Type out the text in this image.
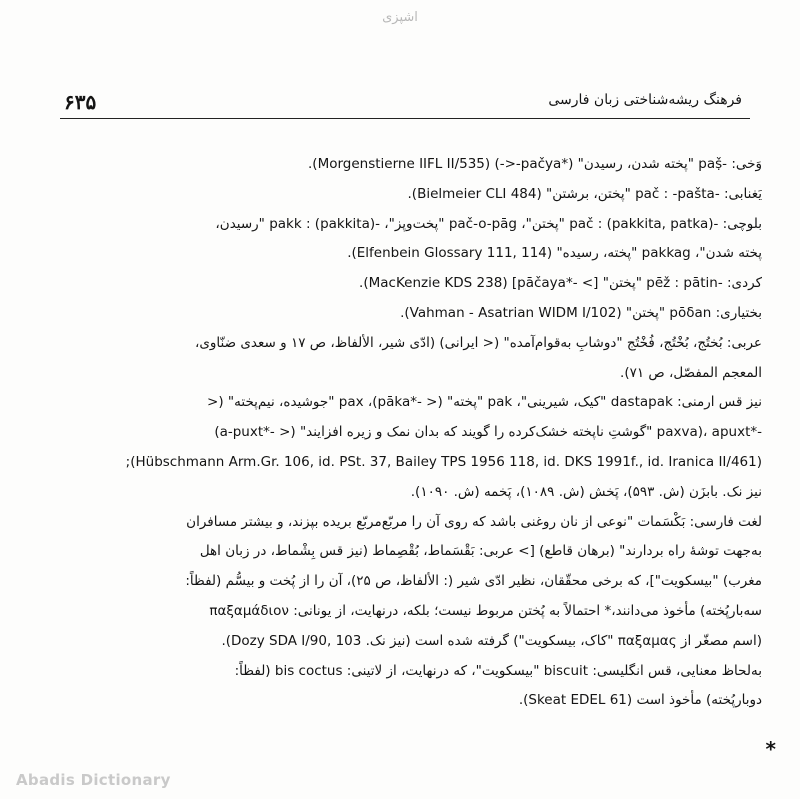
اشپزی
۶۳۵	فرهنگ ریشه‌شناختی زبان فارسی
وَخی: -paṣ̌ "پخته شدن، رسیدن" (*pačya-<-) (Morgenstierne IIFL II/535).
یَغنابی: -pač : -pašta "پختن، برشتن" (Bielmeier CLI 484).
بلوچی: -pač : (pakkita, patka) "پختن"، pač-o-pāg "پخت‌وپز"، -pakk : (pakkita) "رسیدن،
پخته شدن"، pakkag "پخته، رسیده" (Elfenbein Glossary 111, 114).
کردی: -pēž : pātin "پختن" [> -*pāčaya] (MacKenzie KDS 238).
بختیاری: pōδan "پختن" (Vahman - Asatrian WIDM I/102).
عربی: بُختُج، بُخْتُج، فُخْتُج "دوشابِ به‌قوام‌آمده" (< ایرانی) (ادّی شیر، الألفاظ، ص ۱۷ و سعدی ضنّاوی،
المعجم المفصّل، ص ۷۱).
نیز قس ارمنی: dastapak "کیک، شیرینی"، pak "پخته" (< -*pāka)، pax "جوشیده، نیم‌پخته" (<
-*paxva)، apuxt "گوشتِ ناپخته خشک‌کرده را گویند که بدان نمک و زیره افزایند" (< -*a-puxt)
(Hübschmann Arm.Gr. 106, id. PSt. 37, Bailey TPS 1956 118, id. DKS 1991f., id. Iranica II/461);
نیز نک. بابزَن (ش. ۵۹۳)، پَخش (ش. ۱۰۸۹)، پَخمه (ش. ۱۰۹۰).
لغت فارسی: بَکْسَمات "نوعی از نان روغنی باشد که روی آن را مربّع‌مربّع بریده بپزند، و بیشتر مسافران
به‌جهت توشهٔ راه بردارند" (برهان قاطع) [> عربی: بَقْسَماط، بُقْصِماط (نیز قس بِشْماط، در زبان اهل
مغرب) "بیسکویت"]، که برخی محقّقان، نظیر ادّی شیر (: الألفاظ، ص ۲۵)، آن را از پُخت و بیسُّم (لفظاً:
سه‌بارپُخته) مأخوذ می‌دانند،* احتمالاً به پُختن مربوط نیست؛ بلکه، درنهایت، از یونانی: παξαμάδιον
(اسم مصغّر از παξαμας "کاک، بیسکویت") گرفته شده است (نیز نک. Dozy SDA I/90, 103).
به‌لحاظ معنایی، قس انگلیسی: biscuit "بیسکویت"، که درنهایت، از لاتینی: bis coctus (لفظاً:
دوبارپُخته) مأخوذ است (Skeat EDEL 61).
*
Abadis Dictionary
